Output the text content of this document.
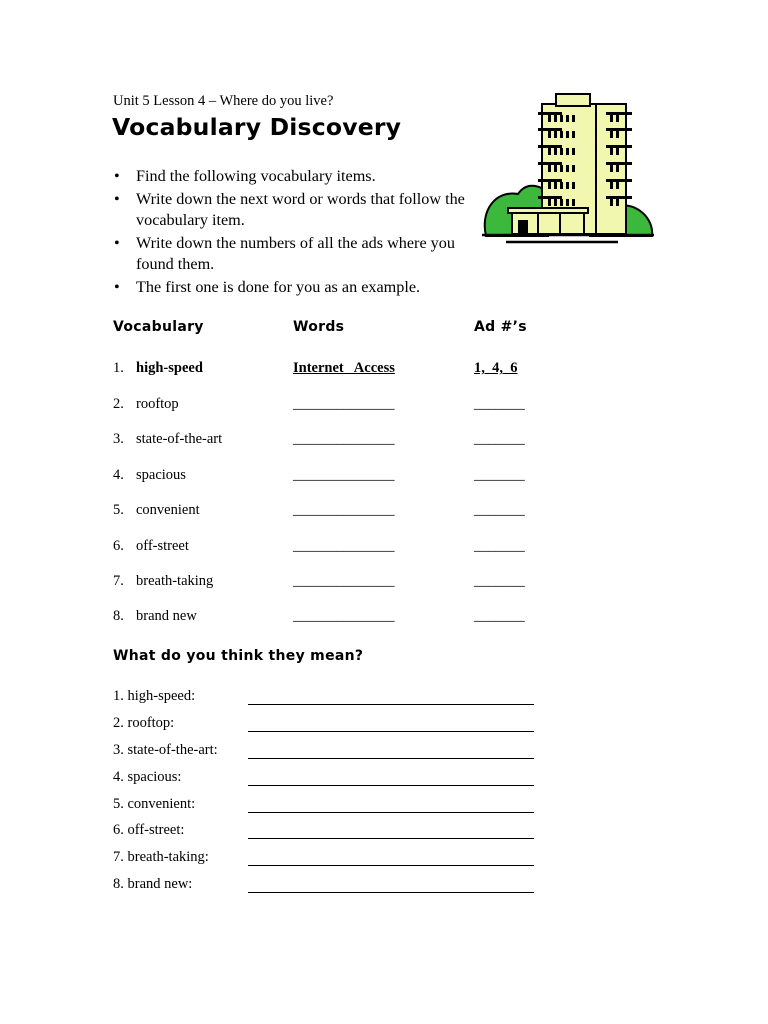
Unit 5 Lesson 4 – Where do you live?
Vocabulary Discovery
• Find the following vocabulary items.
• Write down the next word or words that follow the vocabulary item.
• Write down the numbers of all the ads where you found them.
• The first one is done for you as an example.
Vocabulary	Words	Ad #’s
1. high-speed	Internet   Access	1,  4,  6
2. rooftop	______________	_______
3. state-of-the-art	______________	_______
4. spacious	______________	_______
5. convenient	______________	_______
6. off-street	______________	_______
7. breath-taking	______________	_______
8. brand new	______________	_______
What do you think they mean?
1. high-speed:
2. rooftop:
3. state-of-the-art:
4. spacious:
5. convenient:
6. off-street:
7. breath-taking:
8. brand new:
